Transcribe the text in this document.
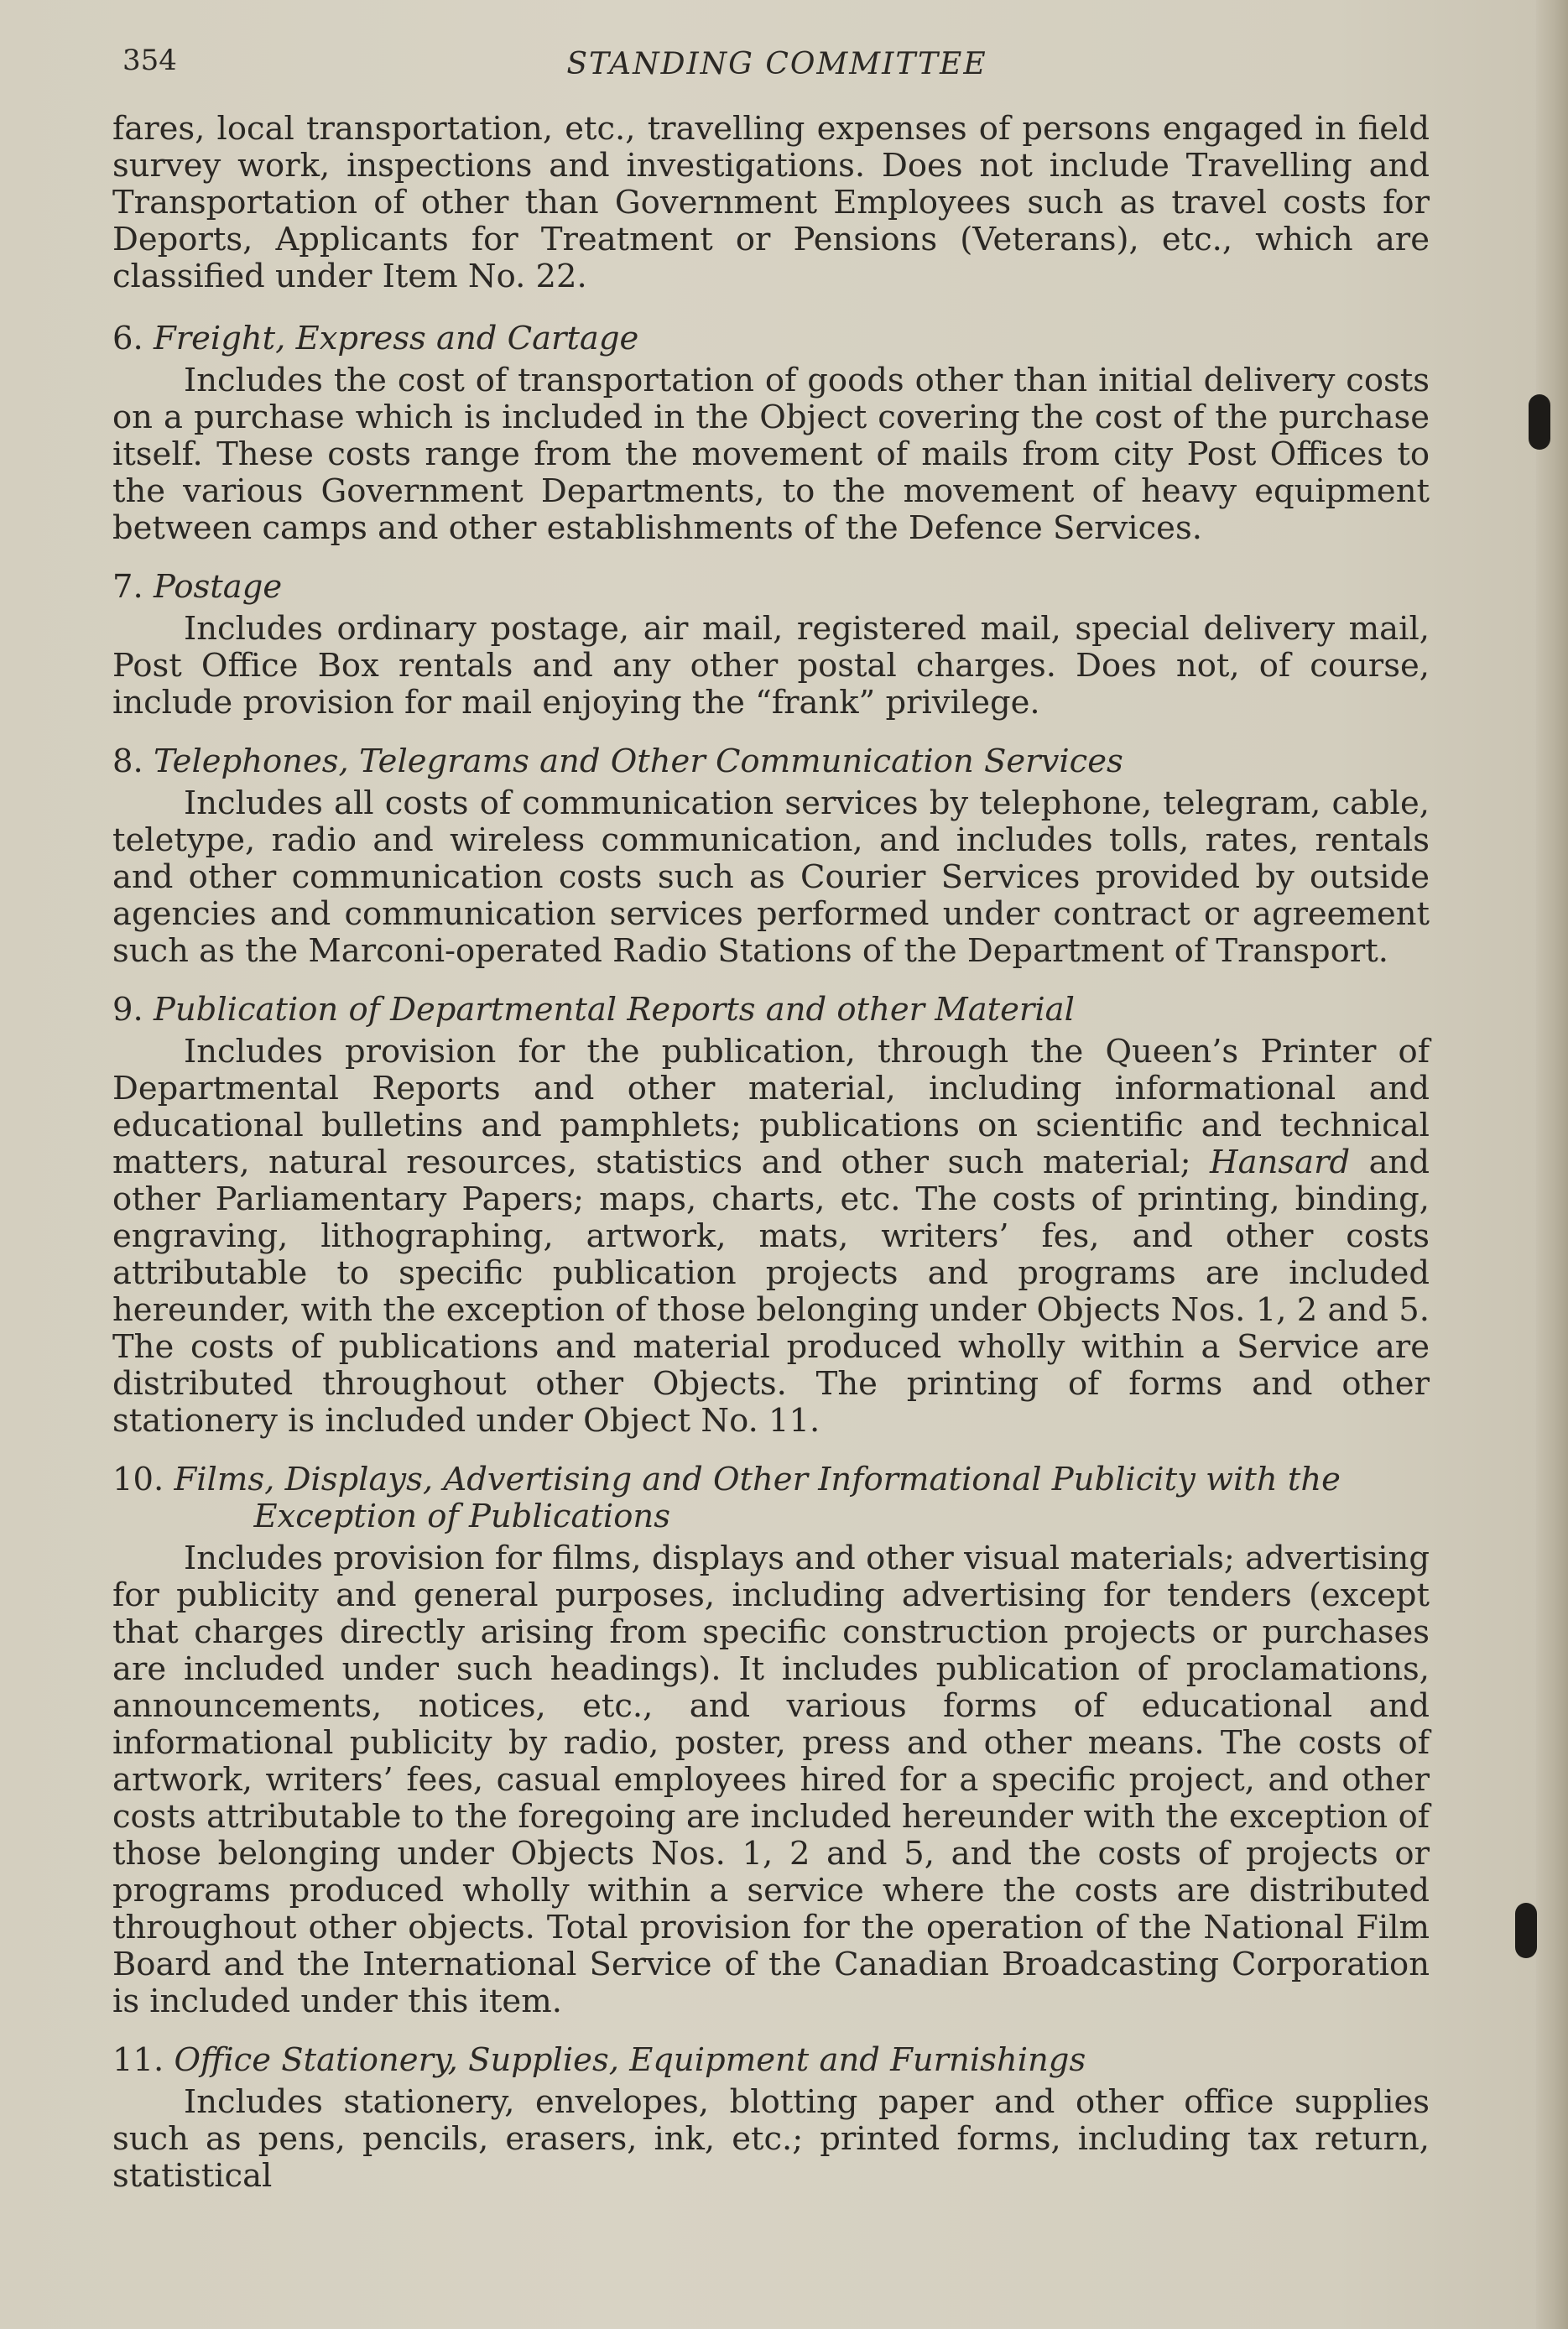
354	STANDING COMMITTEE

fares, local transportation, etc., travelling expenses of persons engaged in field survey work, inspections and investigations. Does not include Travelling and Transportation of other than Government Employees such as travel costs for Deports, Applicants for Treatment or Pensions (Veterans), etc., which are classified under Item No. 22.

6.
Freight, Express and Cartage

Includes the cost of transportation of goods other than initial delivery costs on a purchase which is included in the Object covering the cost of the purchase itself. These costs range from the movement of mails from city Post Offices to the various Government Departments, to the movement of heavy equipment between camps and other establishments of the Defence Services.

7.
Postage

Includes ordinary postage, air mail, registered mail, special delivery mail, Post Office Box rentals and any other postal charges. Does not, of course, include provision for mail enjoying the “frank” privilege.

8.
Telephones, Telegrams and Other Communication Services

Includes all costs of communication services by telephone, telegram, cable, teletype, radio and wireless communication, and includes tolls, rates, rentals and other communication costs such as Courier Services provided by outside agencies and communication services performed under contract or agreement such as the Marconi-operated Radio Stations of the Department of Transport.

9.
Publication of Departmental Reports and other Material

Includes provision for the publication, through the Queen’s Printer of Departmental Reports and other material, including informational and educational bulletins and pamphlets; publications on scientific and technical matters, natural resources, statistics and other such material; Hansard and other Parliamentary Papers; maps, charts, etc. The costs of printing, binding, engraving, lithographing, artwork, mats, writers’ fes, and other costs attributable to specific publication projects and programs are included hereunder, with the exception of those belonging under Objects Nos. 1, 2 and 5. The costs of publications and material produced wholly within a Service are distributed throughout other Objects. The printing of forms and other stationery is included under Object No. 11.

10.
Films, Displays, Advertising and Other Informational Publicity with the
Exception of Publications

Includes provision for films, displays and other visual materials; advertising for publicity and general purposes, including advertising for tenders (except that charges directly arising from specific construction projects or purchases are included under such headings). It includes publication of proclamations, announcements, notices, etc., and various forms of educational and informational publicity by radio, poster, press and other means. The costs of artwork, writers’ fees, casual employees hired for a specific project, and other costs attributable to the foregoing are included hereunder with the exception of those belonging under Objects Nos. 1, 2 and 5, and the costs of projects or programs produced wholly within a service where the costs are distributed throughout other objects. Total provision for the operation of the National Film Board and the International Service of the Canadian Broadcasting Corporation is included under this item.

11.
Office Stationery, Supplies, Equipment and Furnishings

Includes stationery, envelopes, blotting paper and other office supplies such as pens, pencils, erasers, ink, etc.; printed forms, including tax return, statistical
